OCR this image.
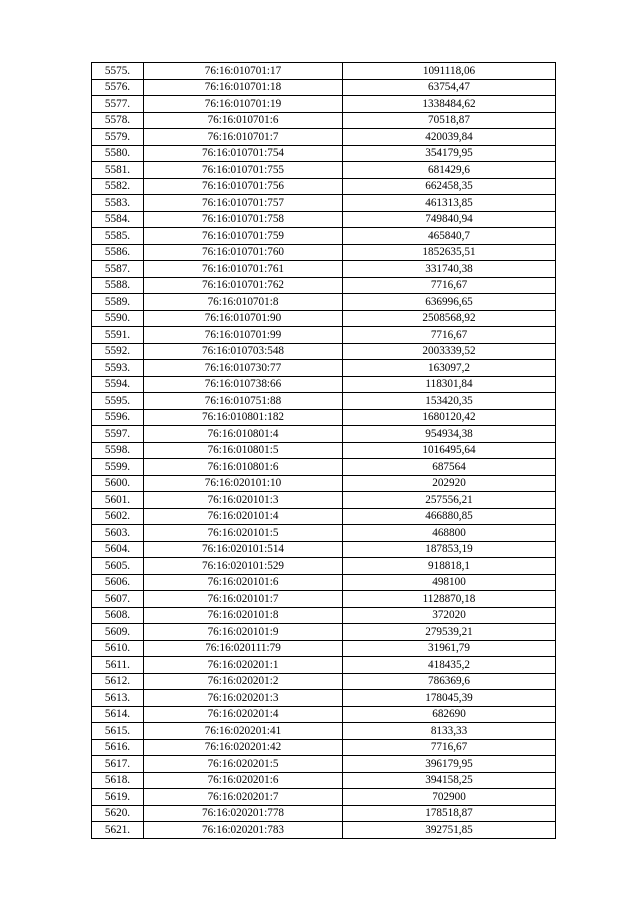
5575.	76:16:010701:17	1091118,06
5576.	76:16:010701:18	63754,47
5577.	76:16:010701:19	1338484,62
5578.	76:16:010701:6	70518,87
5579.	76:16:010701:7	420039,84
5580.	76:16:010701:754	354179,95
5581.	76:16:010701:755	681429,6
5582.	76:16:010701:756	662458,35
5583.	76:16:010701:757	461313,85
5584.	76:16:010701:758	749840,94
5585.	76:16:010701:759	465840,7
5586.	76:16:010701:760	1852635,51
5587.	76:16:010701:761	331740,38
5588.	76:16:010701:762	7716,67
5589.	76:16:010701:8	636996,65
5590.	76:16:010701:90	2508568,92
5591.	76:16:010701:99	7716,67
5592.	76:16:010703:548	2003339,52
5593.	76:16:010730:77	163097,2
5594.	76:16:010738:66	118301,84
5595.	76:16:010751:88	153420,35
5596.	76:16:010801:182	1680120,42
5597.	76:16:010801:4	954934,38
5598.	76:16:010801:5	1016495,64
5599.	76:16:010801:6	687564
5600.	76:16:020101:10	202920
5601.	76:16:020101:3	257556,21
5602.	76:16:020101:4	466880,85
5603.	76:16:020101:5	468800
5604.	76:16:020101:514	187853,19
5605.	76:16:020101:529	918818,1
5606.	76:16:020101:6	498100
5607.	76:16:020101:7	1128870,18
5608.	76:16:020101:8	372020
5609.	76:16:020101:9	279539,21
5610.	76:16:020111:79	31961,79
5611.	76:16:020201:1	418435,2
5612.	76:16:020201:2	786369,6
5613.	76:16:020201:3	178045,39
5614.	76:16:020201:4	682690
5615.	76:16:020201:41	8133,33
5616.	76:16:020201:42	7716,67
5617.	76:16:020201:5	396179,95
5618.	76:16:020201:6	394158,25
5619.	76:16:020201:7	702900
5620.	76:16:020201:778	178518,87
5621.	76:16:020201:783	392751,85
